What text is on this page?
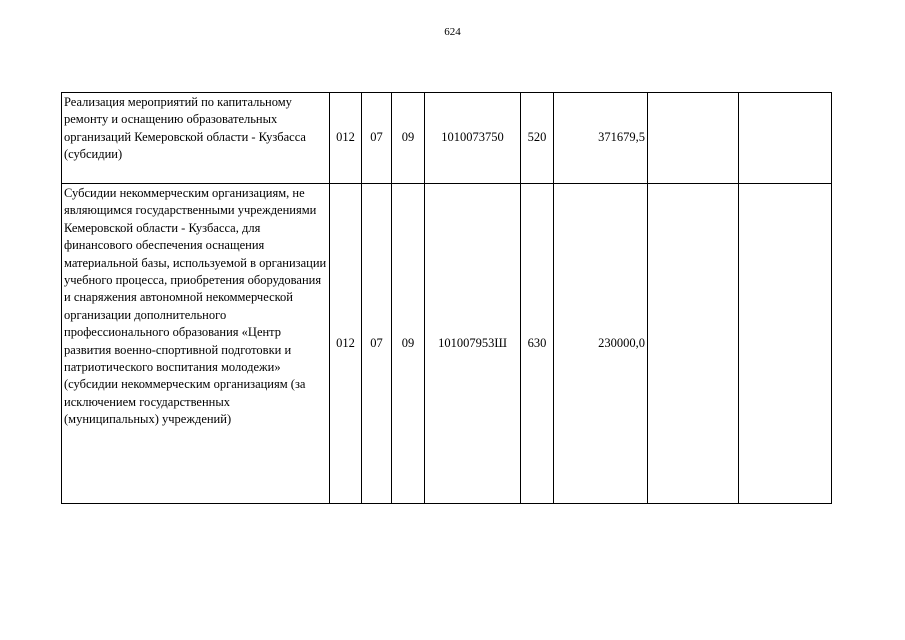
624
Реализация мероприятий по капитальному ремонту и оснащению образовательных организаций Кемеровской области - Кузбасса (субсидии)	012	07	09	1010073750	520	371679,5		
Субсидии некоммерческим организациям, не являющимся государственными учреждениями Кемеровской области - Кузбасса, для финансового обеспечения оснащения материальной базы, используемой в организации учебного процесса, приобретения оборудования и снаряжения автономной некоммерческой организации дополнительного профессионального образования «Центр развития военно-спортивной подготовки и патриотического воспитания молодежи» (субсидии некоммерческим организациям (за исключением государственных (муниципальных) учреждений)	012	07	09	101007953Ш	630	230000,0		
